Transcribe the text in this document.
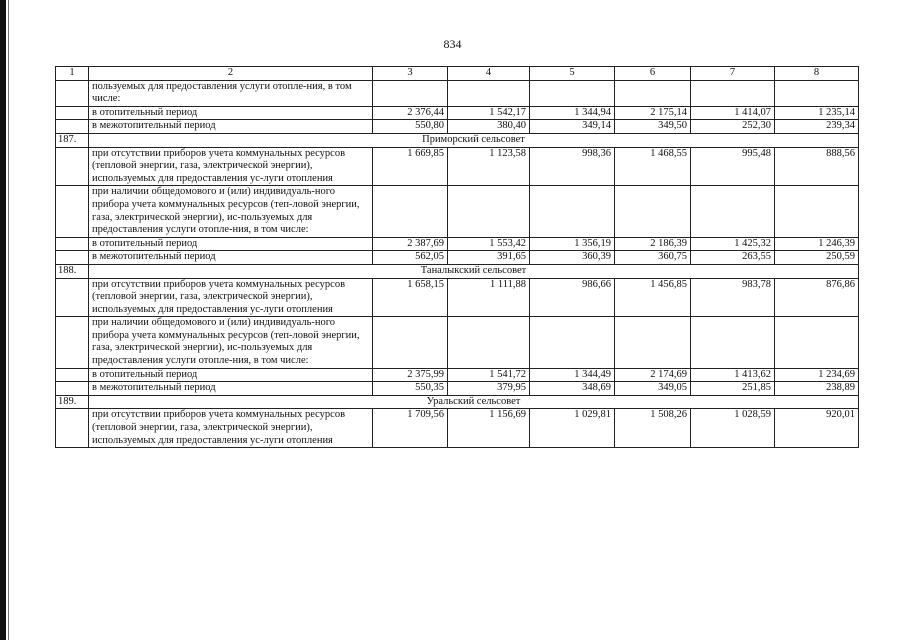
834
1	2	3	4	5	6	7	8
	пользуемых для предоставления услуги отопле-ния, в том числе:						
	в отопительный период	2 376,44	1 542,17	1 344,94	2 175,14	1 414,07	1 235,14
	в межотопительный период	550,80	380,40	349,14	349,50	252,30	239,34
187.	Приморский сельсовет						
	при отсутствии приборов учета коммунальных ресурсов (тепловой энергии, газа, электрической энергии), используемых для предоставления ус-луги отопления	1 669,85	1 123,58	998,36	1 468,55	995,48	888,56
	при наличии общедомового и (или) индивидуаль-ного прибора учета коммунальных ресурсов (теп-ловой энергии, газа, электрической энергии), ис-пользуемых для предоставления услуги отопле-ния, в том числе:						
	в отопительный период	2 387,69	1 553,42	1 356,19	2 186,39	1 425,32	1 246,39
	в межотопительный период	562,05	391,65	360,39	360,75	263,55	250,59
188.	Таналыкский сельсовет						
	при отсутствии приборов учета коммунальных ресурсов (тепловой энергии, газа, электрической энергии), используемых для предоставления ус-луги отопления	1 658,15	1 111,88	986,66	1 456,85	983,78	876,86
	при наличии общедомового и (или) индивидуаль-ного прибора учета коммунальных ресурсов (теп-ловой энергии, газа, электрической энергии), ис-пользуемых для предоставления услуги отопле-ния, в том числе:						
	в отопительный период	2 375,99	1 541,72	1 344,49	2 174,69	1 413,62	1 234,69
	в межотопительный период	550,35	379,95	348,69	349,05	251,85	238,89
189.	Уральский сельсовет						
	при отсутствии приборов учета коммунальных ресурсов (тепловой энергии, газа, электрической энергии), используемых для предоставления ус-луги отопления	1 709,56	1 156,69	1 029,81	1 508,26	1 028,59	920,01
